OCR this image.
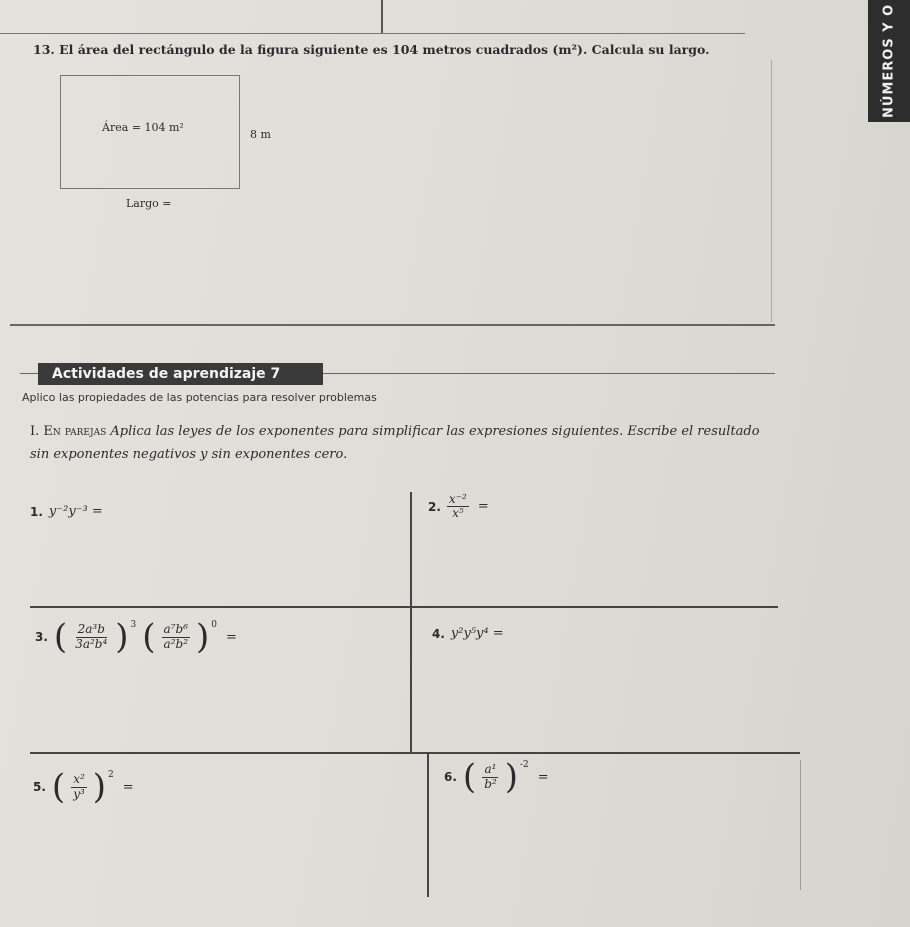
NÚMEROS Y O
13. El área del rectángulo de la figura siguiente es 104 metros cuadrados (m²). Calcula su largo.
Área = 104 m²
8 m
Largo =
Actividades de aprendizaje 7
Aplico las propiedades de las potencias para resolver problemas
I. En parejas Aplica las leyes de los exponentes para simplificar las expresiones siguientes. Escribe el resultado sin exponentes negativos y sin exponentes cero.
1. y⁻²y⁻³ =	2. $\frac{\text{x⁻²}}{\text{x⁵}}$ =
3. ( $\frac{\text{2a³b}}{\text{3a²b⁴}}$ ) 3 ( $\frac{\text{a⁷b⁶}}{\text{a²b²}}$ ) 0
=	4. y²y⁵y⁴ =
5. ( $\frac{\text{x²}}{\text{y³}}$ ) 2
=
6. ( $\frac{\text{a¹}}{\text{b²}}$ ) -2
=
